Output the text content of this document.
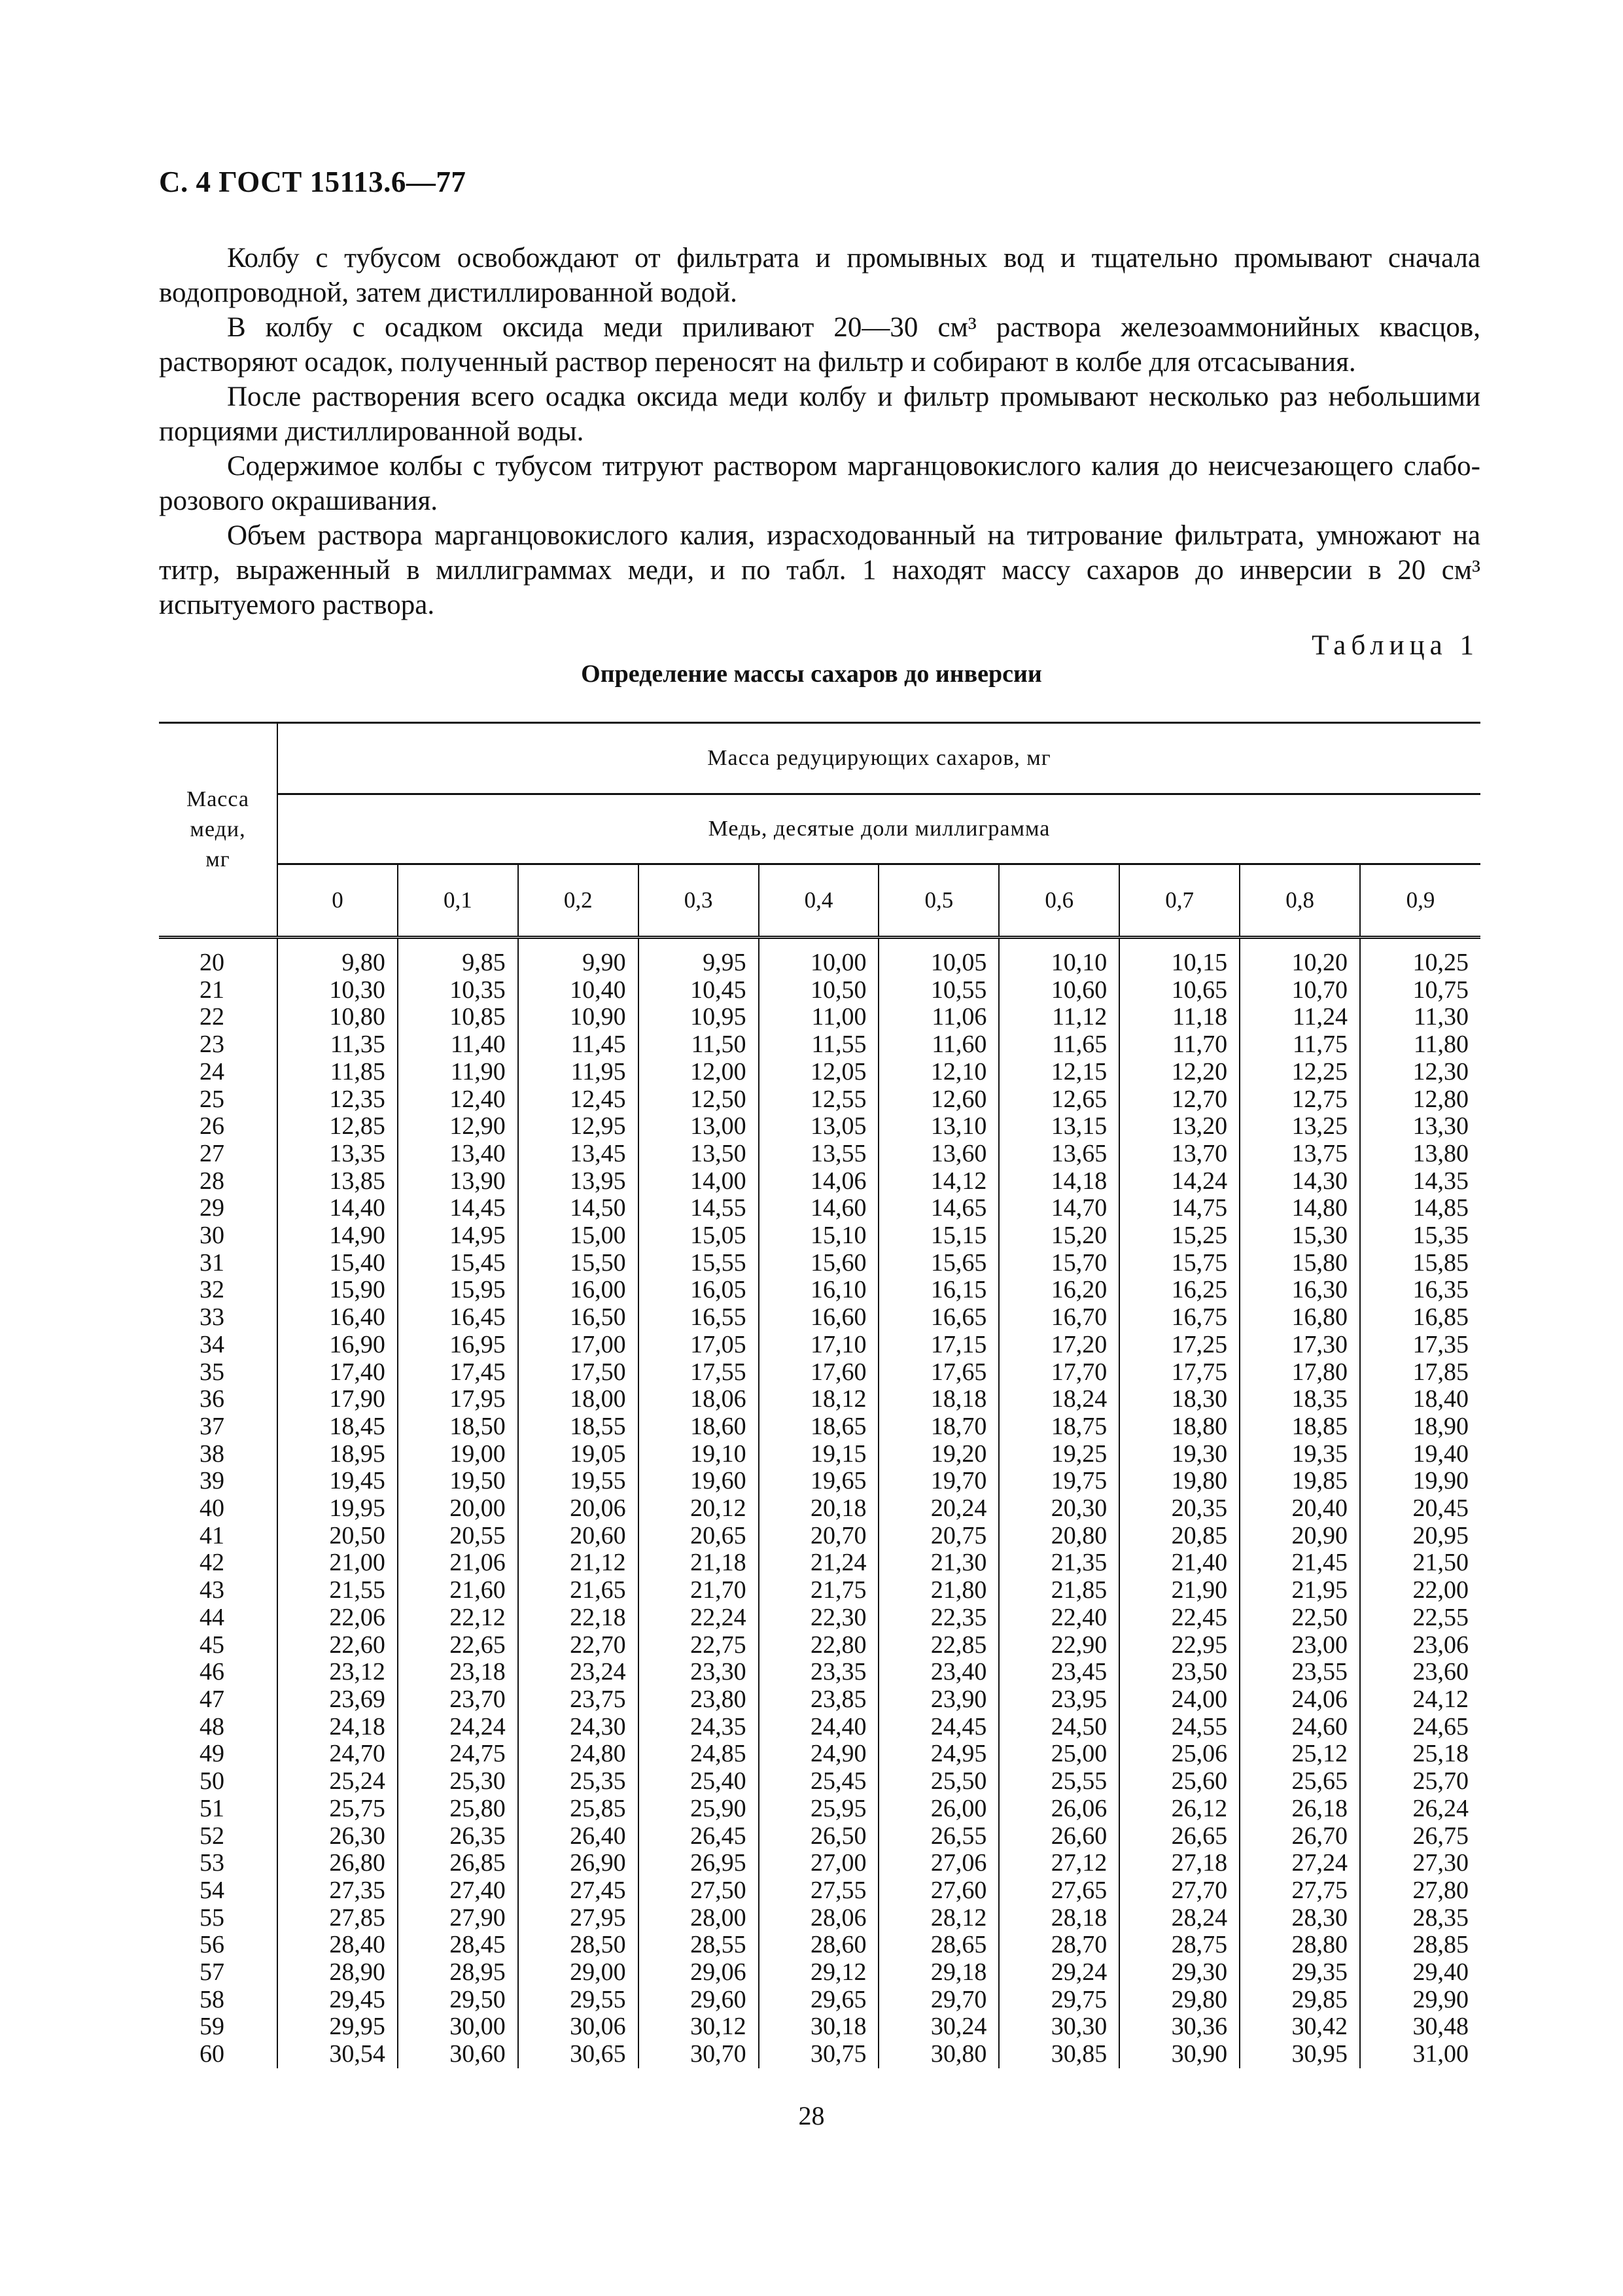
С. 4 ГОСТ 15113.6—77

Колбу с тубусом освобождают от фильтрата и промывных вод и тщательно промывают сначала водопроводной, затем дистиллированной водой.

В колбу с осадком оксида меди приливают 20—30 см³ раствора железоаммонийных квасцов, растворяют осадок, полученный раствор переносят на фильтр и собирают в колбе для отсасывания.

После растворения всего осадка оксида меди колбу и фильтр промывают несколько раз небольшими порциями дистиллированной воды.

Содержимое колбы с тубусом титруют раствором марганцовокислого калия до неисчезающего слабо-розового окрашивания.

Объем раствора марганцовокислого калия, израсходованный на титрование фильтрата, умножают на титр, выраженный в миллиграммах меди, и по табл. 1 находят массу сахаров до инверсии в 20 см³ испытуемого раствора.

Таблица 1
Определение массы сахаров до инверсии
Масса
меди,
мг	Масса редуцирующих сахаров, мг									
	Медь, десятые доли миллиграмма									
	0	0,1	0,2	0,3	0,4	0,5	0,6	0,7	0,8	0,9
20	9,80	9,85	9,90	9,95	10,00	10,05	10,10	10,15	10,20	10,25
21	10,30	10,35	10,40	10,45	10,50	10,55	10,60	10,65	10,70	10,75
22	10,80	10,85	10,90	10,95	11,00	11,06	11,12	11,18	11,24	11,30
23	11,35	11,40	11,45	11,50	11,55	11,60	11,65	11,70	11,75	11,80
24	11,85	11,90	11,95	12,00	12,05	12,10	12,15	12,20	12,25	12,30
25	12,35	12,40	12,45	12,50	12,55	12,60	12,65	12,70	12,75	12,80
26	12,85	12,90	12,95	13,00	13,05	13,10	13,15	13,20	13,25	13,30
27	13,35	13,40	13,45	13,50	13,55	13,60	13,65	13,70	13,75	13,80
28	13,85	13,90	13,95	14,00	14,06	14,12	14,18	14,24	14,30	14,35
29	14,40	14,45	14,50	14,55	14,60	14,65	14,70	14,75	14,80	14,85
30	14,90	14,95	15,00	15,05	15,10	15,15	15,20	15,25	15,30	15,35
31	15,40	15,45	15,50	15,55	15,60	15,65	15,70	15,75	15,80	15,85
32	15,90	15,95	16,00	16,05	16,10	16,15	16,20	16,25	16,30	16,35
33	16,40	16,45	16,50	16,55	16,60	16,65	16,70	16,75	16,80	16,85
34	16,90	16,95	17,00	17,05	17,10	17,15	17,20	17,25	17,30	17,35
35	17,40	17,45	17,50	17,55	17,60	17,65	17,70	17,75	17,80	17,85
36	17,90	17,95	18,00	18,06	18,12	18,18	18,24	18,30	18,35	18,40
37	18,45	18,50	18,55	18,60	18,65	18,70	18,75	18,80	18,85	18,90
38	18,95	19,00	19,05	19,10	19,15	19,20	19,25	19,30	19,35	19,40
39	19,45	19,50	19,55	19,60	19,65	19,70	19,75	19,80	19,85	19,90
40	19,95	20,00	20,06	20,12	20,18	20,24	20,30	20,35	20,40	20,45
41	20,50	20,55	20,60	20,65	20,70	20,75	20,80	20,85	20,90	20,95
42	21,00	21,06	21,12	21,18	21,24	21,30	21,35	21,40	21,45	21,50
43	21,55	21,60	21,65	21,70	21,75	21,80	21,85	21,90	21,95	22,00
44	22,06	22,12	22,18	22,24	22,30	22,35	22,40	22,45	22,50	22,55
45	22,60	22,65	22,70	22,75	22,80	22,85	22,90	22,95	23,00	23,06
46	23,12	23,18	23,24	23,30	23,35	23,40	23,45	23,50	23,55	23,60
47	23,69	23,70	23,75	23,80	23,85	23,90	23,95	24,00	24,06	24,12
48	24,18	24,24	24,30	24,35	24,40	24,45	24,50	24,55	24,60	24,65
49	24,70	24,75	24,80	24,85	24,90	24,95	25,00	25,06	25,12	25,18
50	25,24	25,30	25,35	25,40	25,45	25,50	25,55	25,60	25,65	25,70
51	25,75	25,80	25,85	25,90	25,95	26,00	26,06	26,12	26,18	26,24
52	26,30	26,35	26,40	26,45	26,50	26,55	26,60	26,65	26,70	26,75
53	26,80	26,85	26,90	26,95	27,00	27,06	27,12	27,18	27,24	27,30
54	27,35	27,40	27,45	27,50	27,55	27,60	27,65	27,70	27,75	27,80
55	27,85	27,90	27,95	28,00	28,06	28,12	28,18	28,24	28,30	28,35
56	28,40	28,45	28,50	28,55	28,60	28,65	28,70	28,75	28,80	28,85
57	28,90	28,95	29,00	29,06	29,12	29,18	29,24	29,30	29,35	29,40
58	29,45	29,50	29,55	29,60	29,65	29,70	29,75	29,80	29,85	29,90
59	29,95	30,00	30,06	30,12	30,18	30,24	30,30	30,36	30,42	30,48
60	30,54	30,60	30,65	30,70	30,75	30,80	30,85	30,90	30,95	31,00
28
